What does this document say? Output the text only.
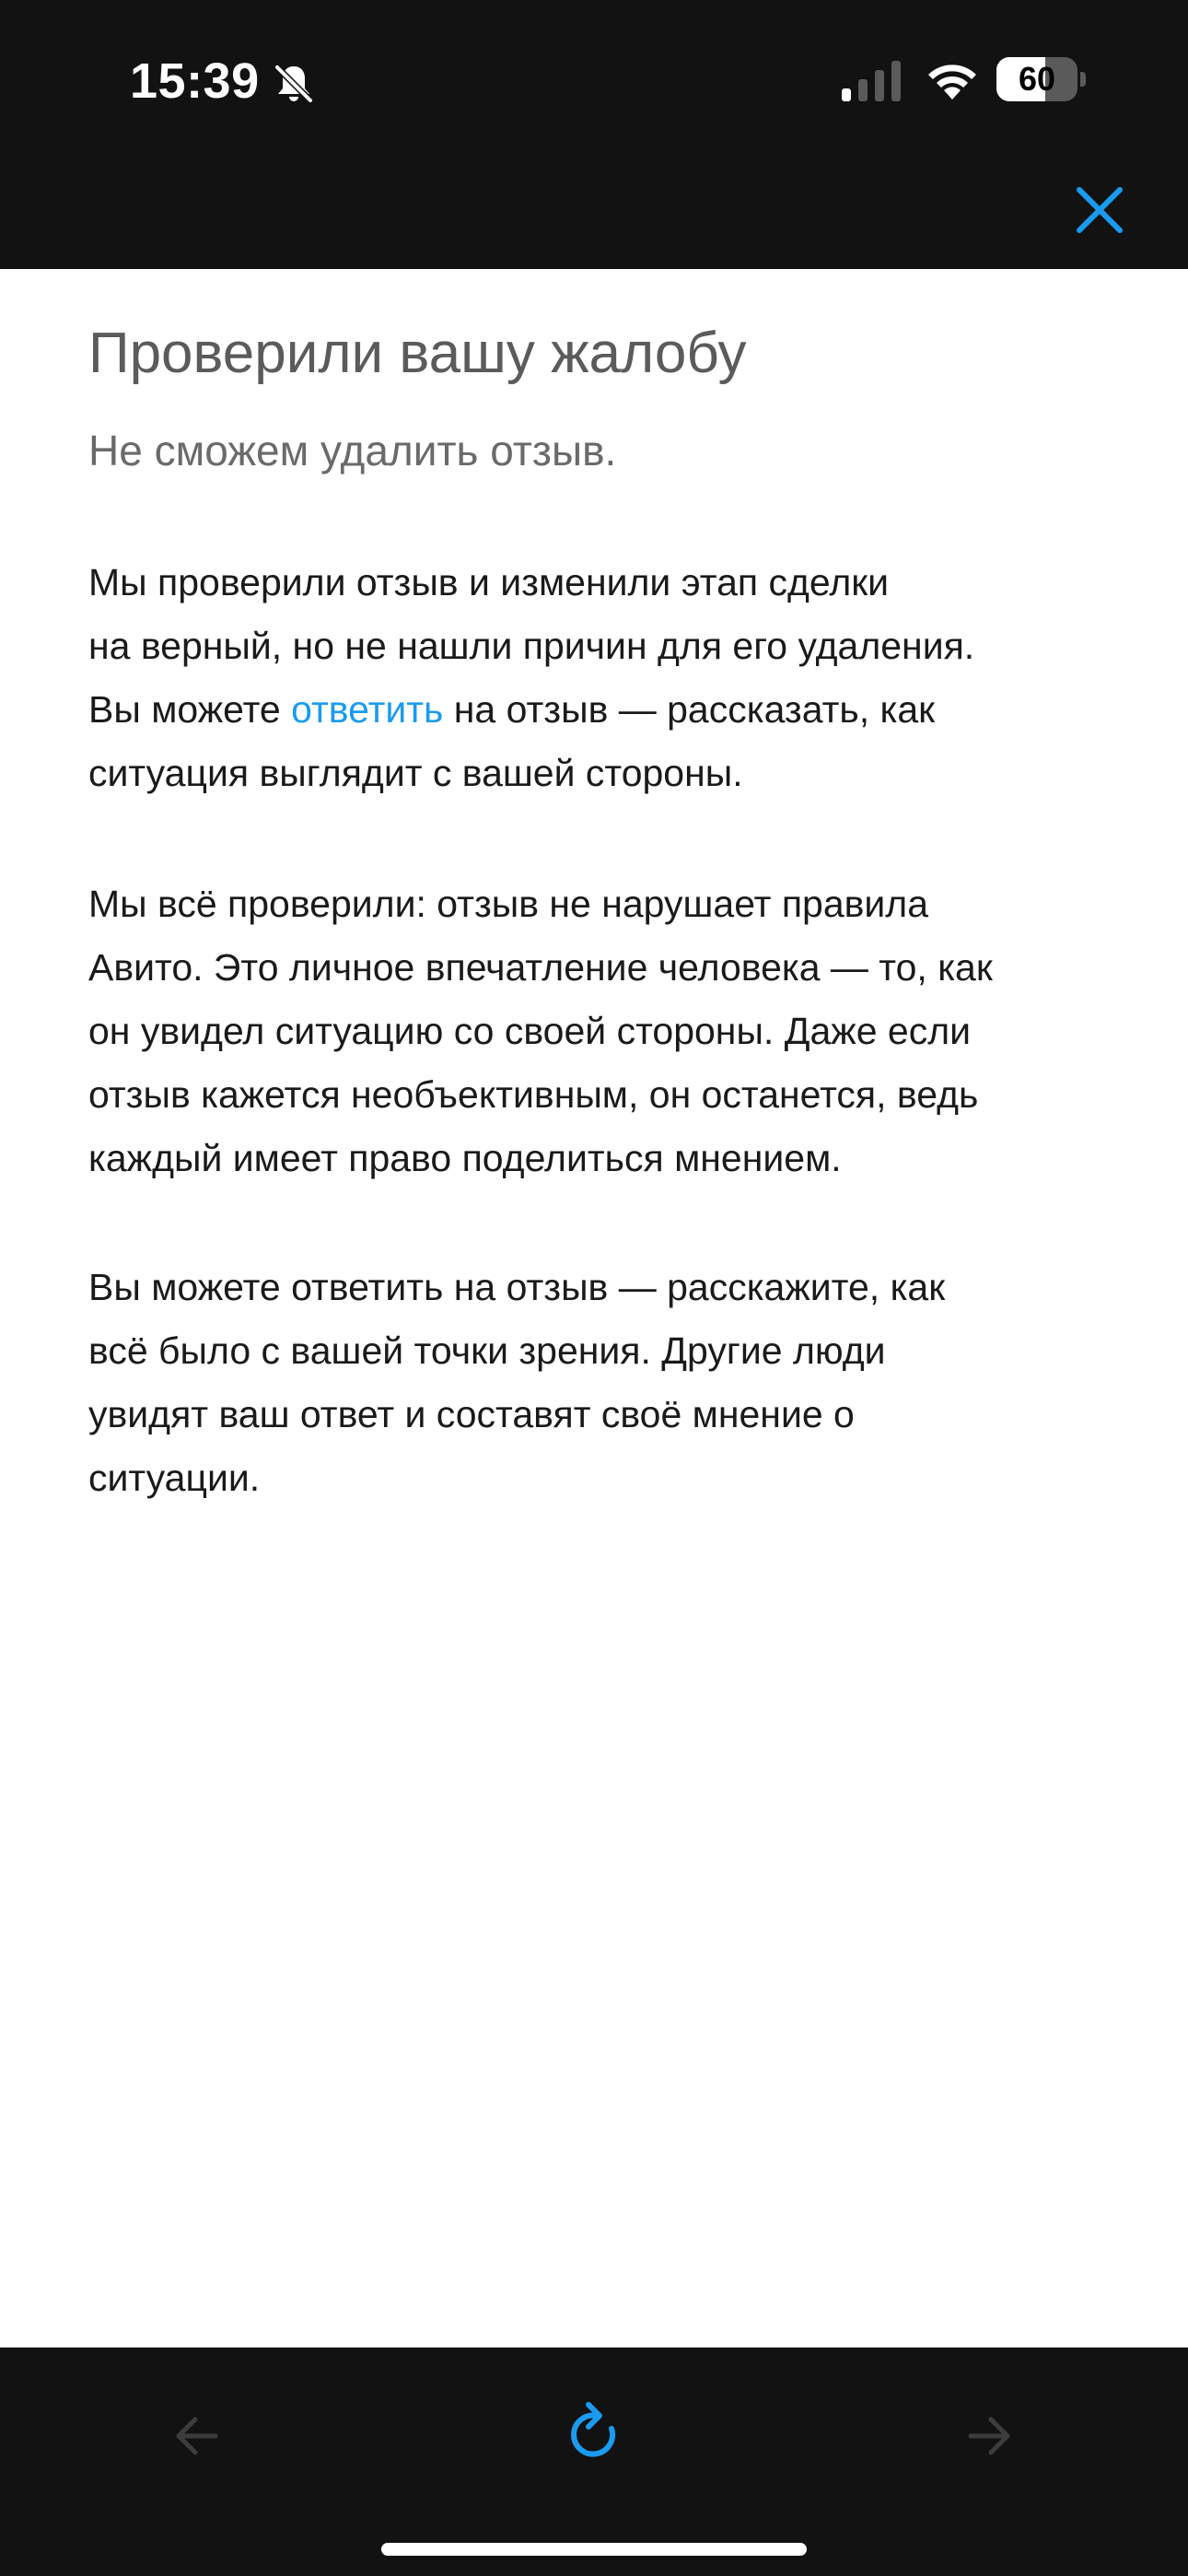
15:39	60
Проверили вашу жалобу
Не сможем удалить отзыв.
Мы проверили отзыв и изменили этап сделки
на верный, но не нашли причин для его удаления.
Вы можете ответить на отзыв — рассказать, как
ситуация выглядит с вашей стороны.
Мы всё проверили: отзыв не нарушает правила
Авито. Это личное впечатление человека — то, как
он увидел ситуацию со своей стороны. Даже если
отзыв кажется необъективным, он останется, ведь
каждый имеет право поделиться мнением.
Вы можете ответить на отзыв — расскажите, как
всё было с вашей точки зрения. Другие люди
увидят ваш ответ и составят своё мнение о
ситуации.
